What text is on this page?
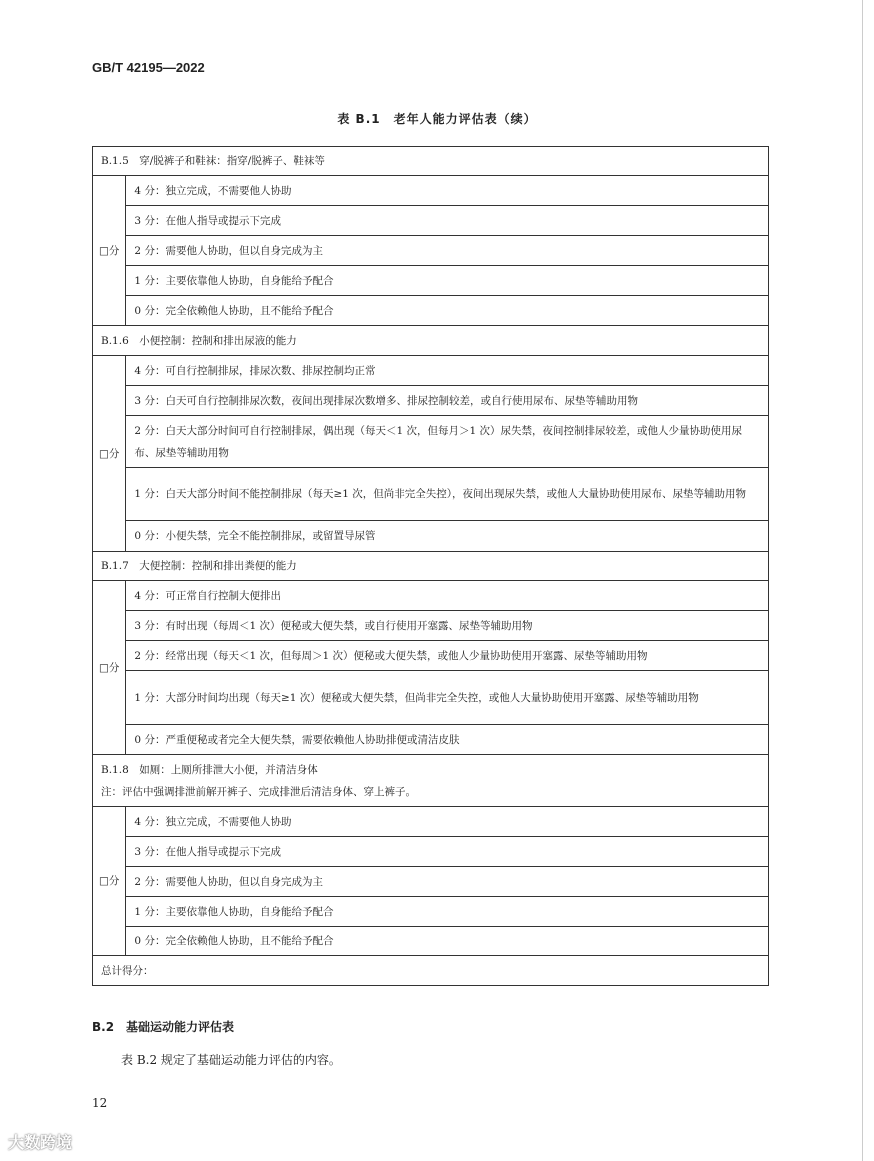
GB/T 42195—2022
表 B.1　老年人能力评估表（续）
B.1.5　穿/脱裤子和鞋袜：指穿/脱裤子、鞋袜等	

□分	4 分：独立完成，不需要他人协助
	3 分：在他人指导或提示下完成
	2 分：需要他人协助，但以自身完成为主
	1 分：主要依靠他人协助，自身能给予配合
	0 分：完全依赖他人协助，且不能给予配合

B.1.6　小便控制：控制和排出尿液的能力	

□分	4 分：可自行控制排尿，排尿次数、排尿控制均正常
	3 分：白天可自行控制排尿次数，夜间出现排尿次数增多、排尿控制较差，或自行使用尿布、尿垫等辅助用物
	2 分：白天大部分时间可自行控制排尿，偶出现（每天＜1 次，但每月＞1 次）尿失禁，夜间控制排尿较差，或他人少量协助使用尿布、尿垫等辅助用物
	1 分：白天大部分时间不能控制排尿（每天≥1 次，但尚非完全失控），夜间出现尿失禁，或他人大量协助使用尿布、尿垫等辅助用物
	0 分：小便失禁，完全不能控制排尿，或留置导尿管

B.1.7　大便控制：控制和排出粪便的能力	

□分	4 分：可正常自行控制大便排出
	3 分：有时出现（每周＜1 次）便秘或大便失禁，或自行使用开塞露、尿垫等辅助用物
	2 分：经常出现（每天＜1 次，但每周＞1 次）便秘或大便失禁，或他人少量协助使用开塞露、尿垫等辅助用物
	1 分：大部分时间均出现（每天≥1 次）便秘或大便失禁，但尚非完全失控，或他人大量协助使用开塞露、尿垫等辅助用物
	0 分：严重便秘或者完全大便失禁，需要依赖他人协助排便或清洁皮肤

B.1.8　如厕：上厕所排泄大小便，并清洁身体
注：评估中强调排泄前解开裤子、完成排泄后清洁身体、穿上裤子。	

□分	4 分：独立完成，不需要他人协助
	3 分：在他人指导或提示下完成
	2 分：需要他人协助，但以自身完成为主
	1 分：主要依靠他人协助，自身能给予配合
	0 分：完全依赖他人协助，且不能给予配合
总计得分：	
B.2　基础运动能力评估表
表 B.2 规定了基础运动能力评估的内容。
12
大数跨境
